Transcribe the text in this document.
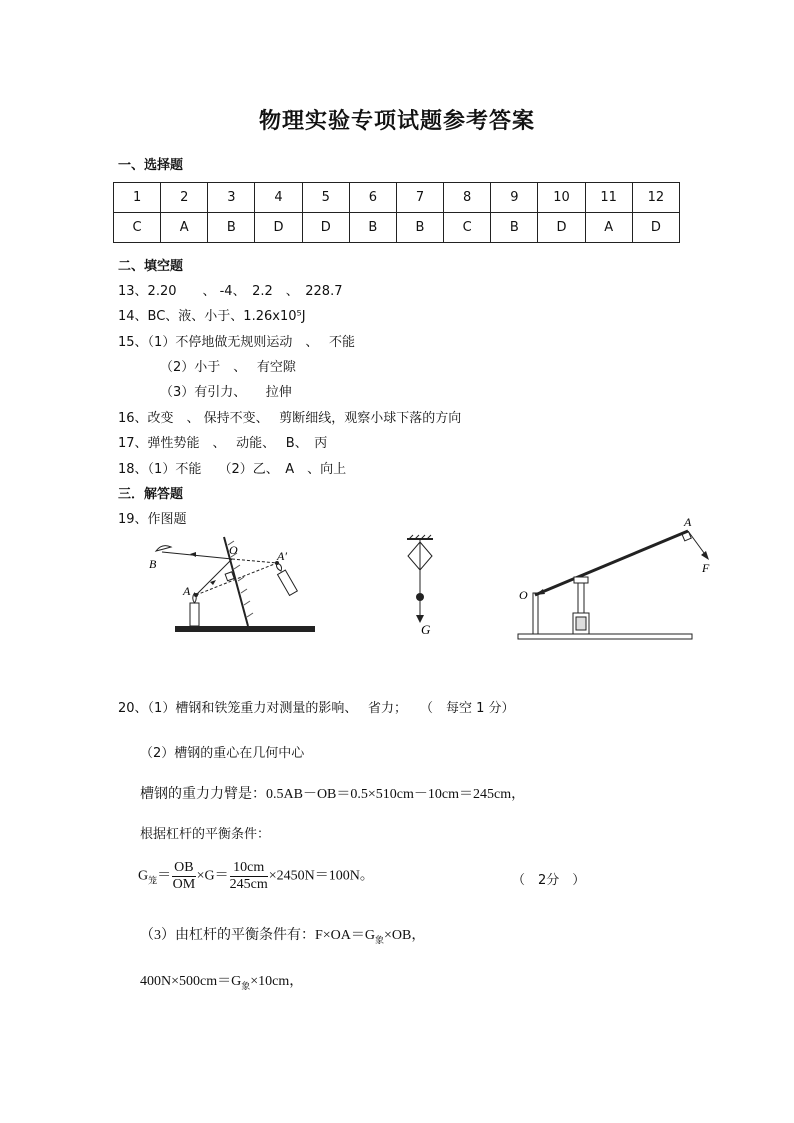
物理实验专项试题参考答案
一、选择题
1	2	3	4	5	6	7	8	9	10	11	12
C	A	B	D	D	B	B	C	B	D	A	D
二、填空题
13、2.20　　、 -4、　2.2　、　228.7
14、BC、液、小于、1.26x10⁵J
15、（1）不停地做无规则运动　、　 不能
（2）小于　、　 有空隙
（3）有引力、　　拉伸
16、改变　、 保持不变、　 剪断细线，观察小球下落的方向
17、弹性势能　、　 动能、　 B、　丙
18、（1）不能　 （2）乙、　A　、向上
三．解答题
19、作图题
B
O
A
A′
G
A
F
O
20、（1）槽钢和铁笼重力对测量的影响、　 省力；　　（　每空 1 分）
（2）槽钢的重心在几何中心
槽钢的重力力臂是：0.5AB－OB＝0.5×510cm－10cm＝245cm，
根据杠杆的平衡条件：
$G_笼= \frac{OB}{OM} \times G= \frac{10cm}{245cm} \times 2450N=100N$。	（　2分　）
（3）由杠杆的平衡条件有：$F\times OA=G_象\times OB$，
$400N\times 500cm=G_象\times 10cm$，
